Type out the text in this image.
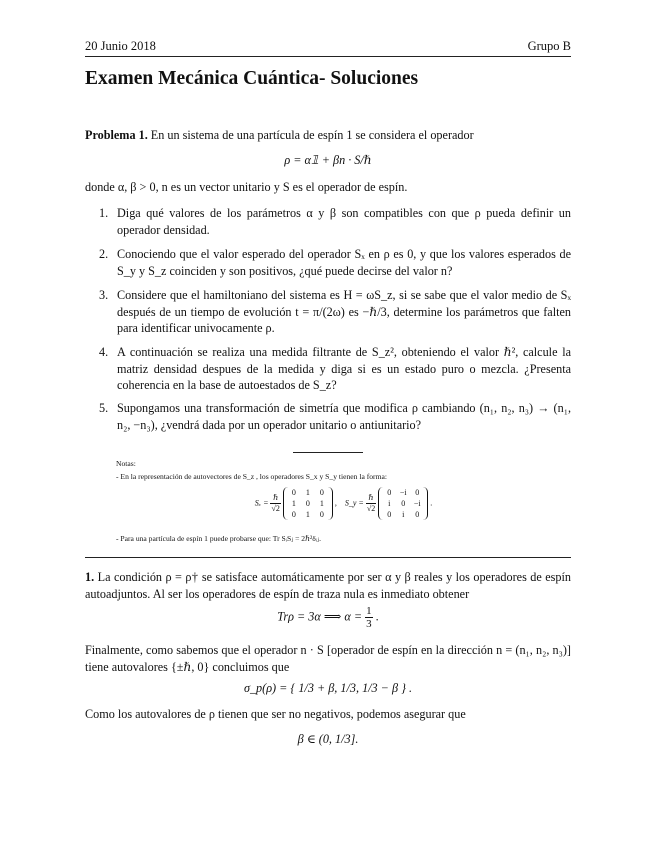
20 Junio 2018	Grupo B
Examen Mecánica Cuántica- Soluciones
Problema 1. En un sistema de una partícula de espín 1 se considera el operador
ρ = α𝟙 + βn · S/ℏ
donde α, β > 0, n es un vector unitario y S es el operador de espín.
1. Diga qué valores de los parámetros α y β son compatibles con que ρ pueda definir un operador densidad.
2. Conociendo que el valor esperado del operador Sₓ en ρ es 0, y que los valores esperados de S_y y S_z coinciden y son positivos, ¿qué puede decirse del valor n?
3. Considere que el hamiltoniano del sistema es H = ωS_z, si se sabe que el valor medio de Sₓ después de un tiempo de evolución t = π/(2ω) es −ℏ/3, determine los parámetros que falten para identificar univocamente ρ.
4. A continuación se realiza una medida filtrante de S_z², obteniendo el valor ℏ², calcule la matriz densidad despues de la medida y diga si es un estado puro o mezcla. ¿Presenta coherencia en la base de autoestados de S_z?
5. Supongamos una transformación de simetría que modifica ρ cambiando (n₁, n₂, n₃) → (n₁, n₂, −n₃), ¿vendrá dada por un operador unitario o antiunitario?
Notas:
- En la representación de autovectores de S_z , los operadores S_x y S_y tienen la forma:
$S_x = \frac{\text{ℏ}}{√2}$
0 1 0
1 0 1
0 1 0 ,    S_y = $\frac{\text{ℏ}}{√2}$
0 −i 0
i 0 −i
0 i 0 .
- Para una partícula de espín 1 puede probarse que: Tr SᵢSⱼ = 2ℏ²δᵢⱼ.
1. La condición ρ = ρ† se satisface automáticamente por ser α y β reales y los operadores de espín autoadjuntos. Al ser los operadores de espín de traza nula es inmediato obtener
Trρ = 3α ⟹ $\alpha = \frac{1}{3}$ .
Finalmente, como sabemos que el operador n · S [operador de espín en la dirección n = (n₁, n₂, n₃)] tiene autovalores {±ℏ, 0} concluimos que
σ_p(ρ) = { 1/3 + β, 1/3, 1/3 − β } .
Como los autovalores de ρ tienen que ser no negativos, podemos asegurar que
β ∈ (0, 1/3].
